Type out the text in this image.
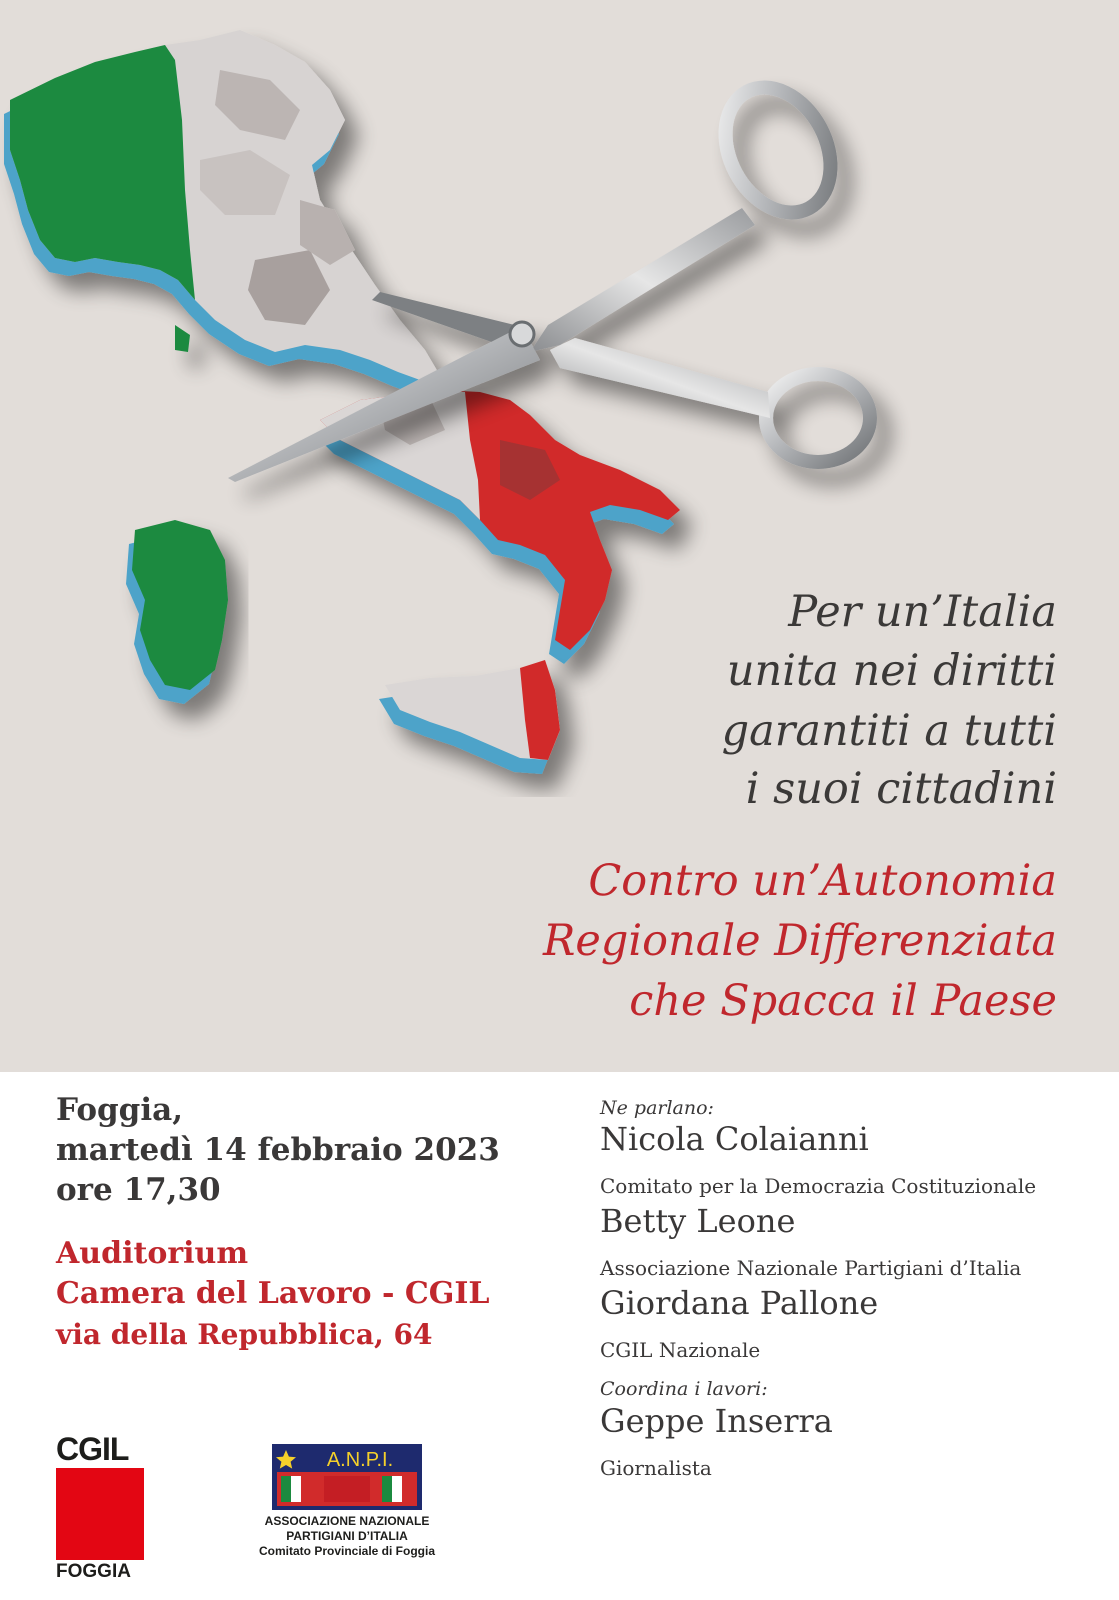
Per un’Italia

unita nei diritti

garantiti a tutti

i suoi cittadini

Contro un’Autonomia

Regionale Differenziata

che Spacca il Paese

Foggia,

martedì 14 febbraio 2023

ore 17,30

Auditorium

Camera del Lavoro - CGIL

via della Repubblica, 64

Ne parlano:

Nicola Colaianni

Comitato per la Democrazia Costituzionale

Betty Leone

Associazione Nazionale Partigiani d’Italia

Giordana Pallone

CGIL Nazionale

Coordina i lavori:

Geppe Inserra

Giornalista

CGIL
FOGGIA
A.N.P.I.
ASSOCIAZIONE NAZIONALE
PARTIGIANI D’ITALIA
Comitato Provinciale di Foggia
